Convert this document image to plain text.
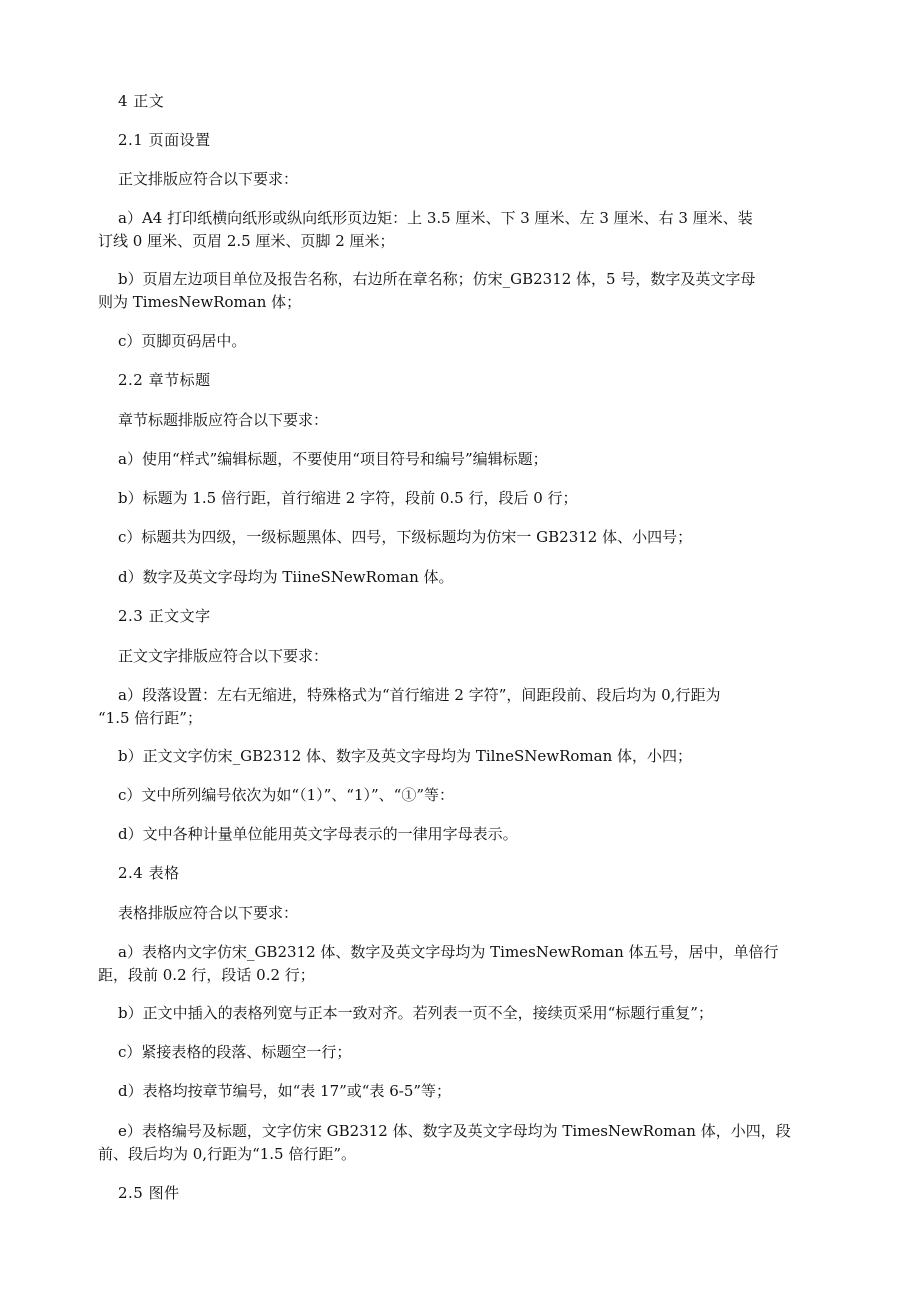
4 正文
2.1 页面设置
正文排版应符合以下要求：
a）A4 打印纸横向纸形或纵向纸形页边矩：上 3.5 厘米、下 3 厘米、左 3 厘米、右 3 厘米、装
订线 0 厘米、页眉 2.5 厘米、页脚 2 厘米；
b）页眉左边项目单位及报告名称，右边所在章名称；仿宋_GB2312 体，5 号，数字及英文字母
则为 TimesNewRoman 体；
c）页脚页码居中。
2.2 章节标题
章节标题排版应符合以下要求：
a）使用“样式”编辑标题，不要使用“项目符号和编号”编辑标题；
b）标题为 1.5 倍行距，首行缩进 2 字符，段前 0.5 行，段后 0 行；
c）标题共为四级，一级标题黑体、四号，下级标题均为仿宋一 GB2312 体、小四号；
d）数字及英文字母均为 TiineSNewRoman 体。
2.3 正文文字
正文文字排版应符合以下要求：
a）段落设置：左右无缩进，特殊格式为“首行缩进 2 字符”，间距段前、段后均为 0,行距为
“1.5 倍行距”；
b）正文文字仿宋_GB2312 体、数字及英文字母均为 TilneSNewRoman 体，小四；
c）文中所列编号依次为如“（1）”、“1）”、“①”等：
d）文中各种计量单位能用英文字母表示的一律用字母表示。
2.4 表格
表格排版应符合以下要求：
a）表格内文字仿宋_GB2312 体、数字及英文字母均为 TimesNewRoman 体五号，居中，单倍行
距，段前 0.2 行，段话 0.2 行；
b）正文中插入的表格列宽与正本一致对齐。若列表一页不全，接续页采用“标题行重复”；
c）紧接表格的段落、标题空一行；
d）表格均按章节编号，如“表 17”或“表 6-5”等；
e）表格编号及标题，文字仿宋 GB2312 体、数字及英文字母均为 TimesNewRoman 体，小四，段
前、段后均为 0,行距为“1.5 倍行距”。
2.5 图件
